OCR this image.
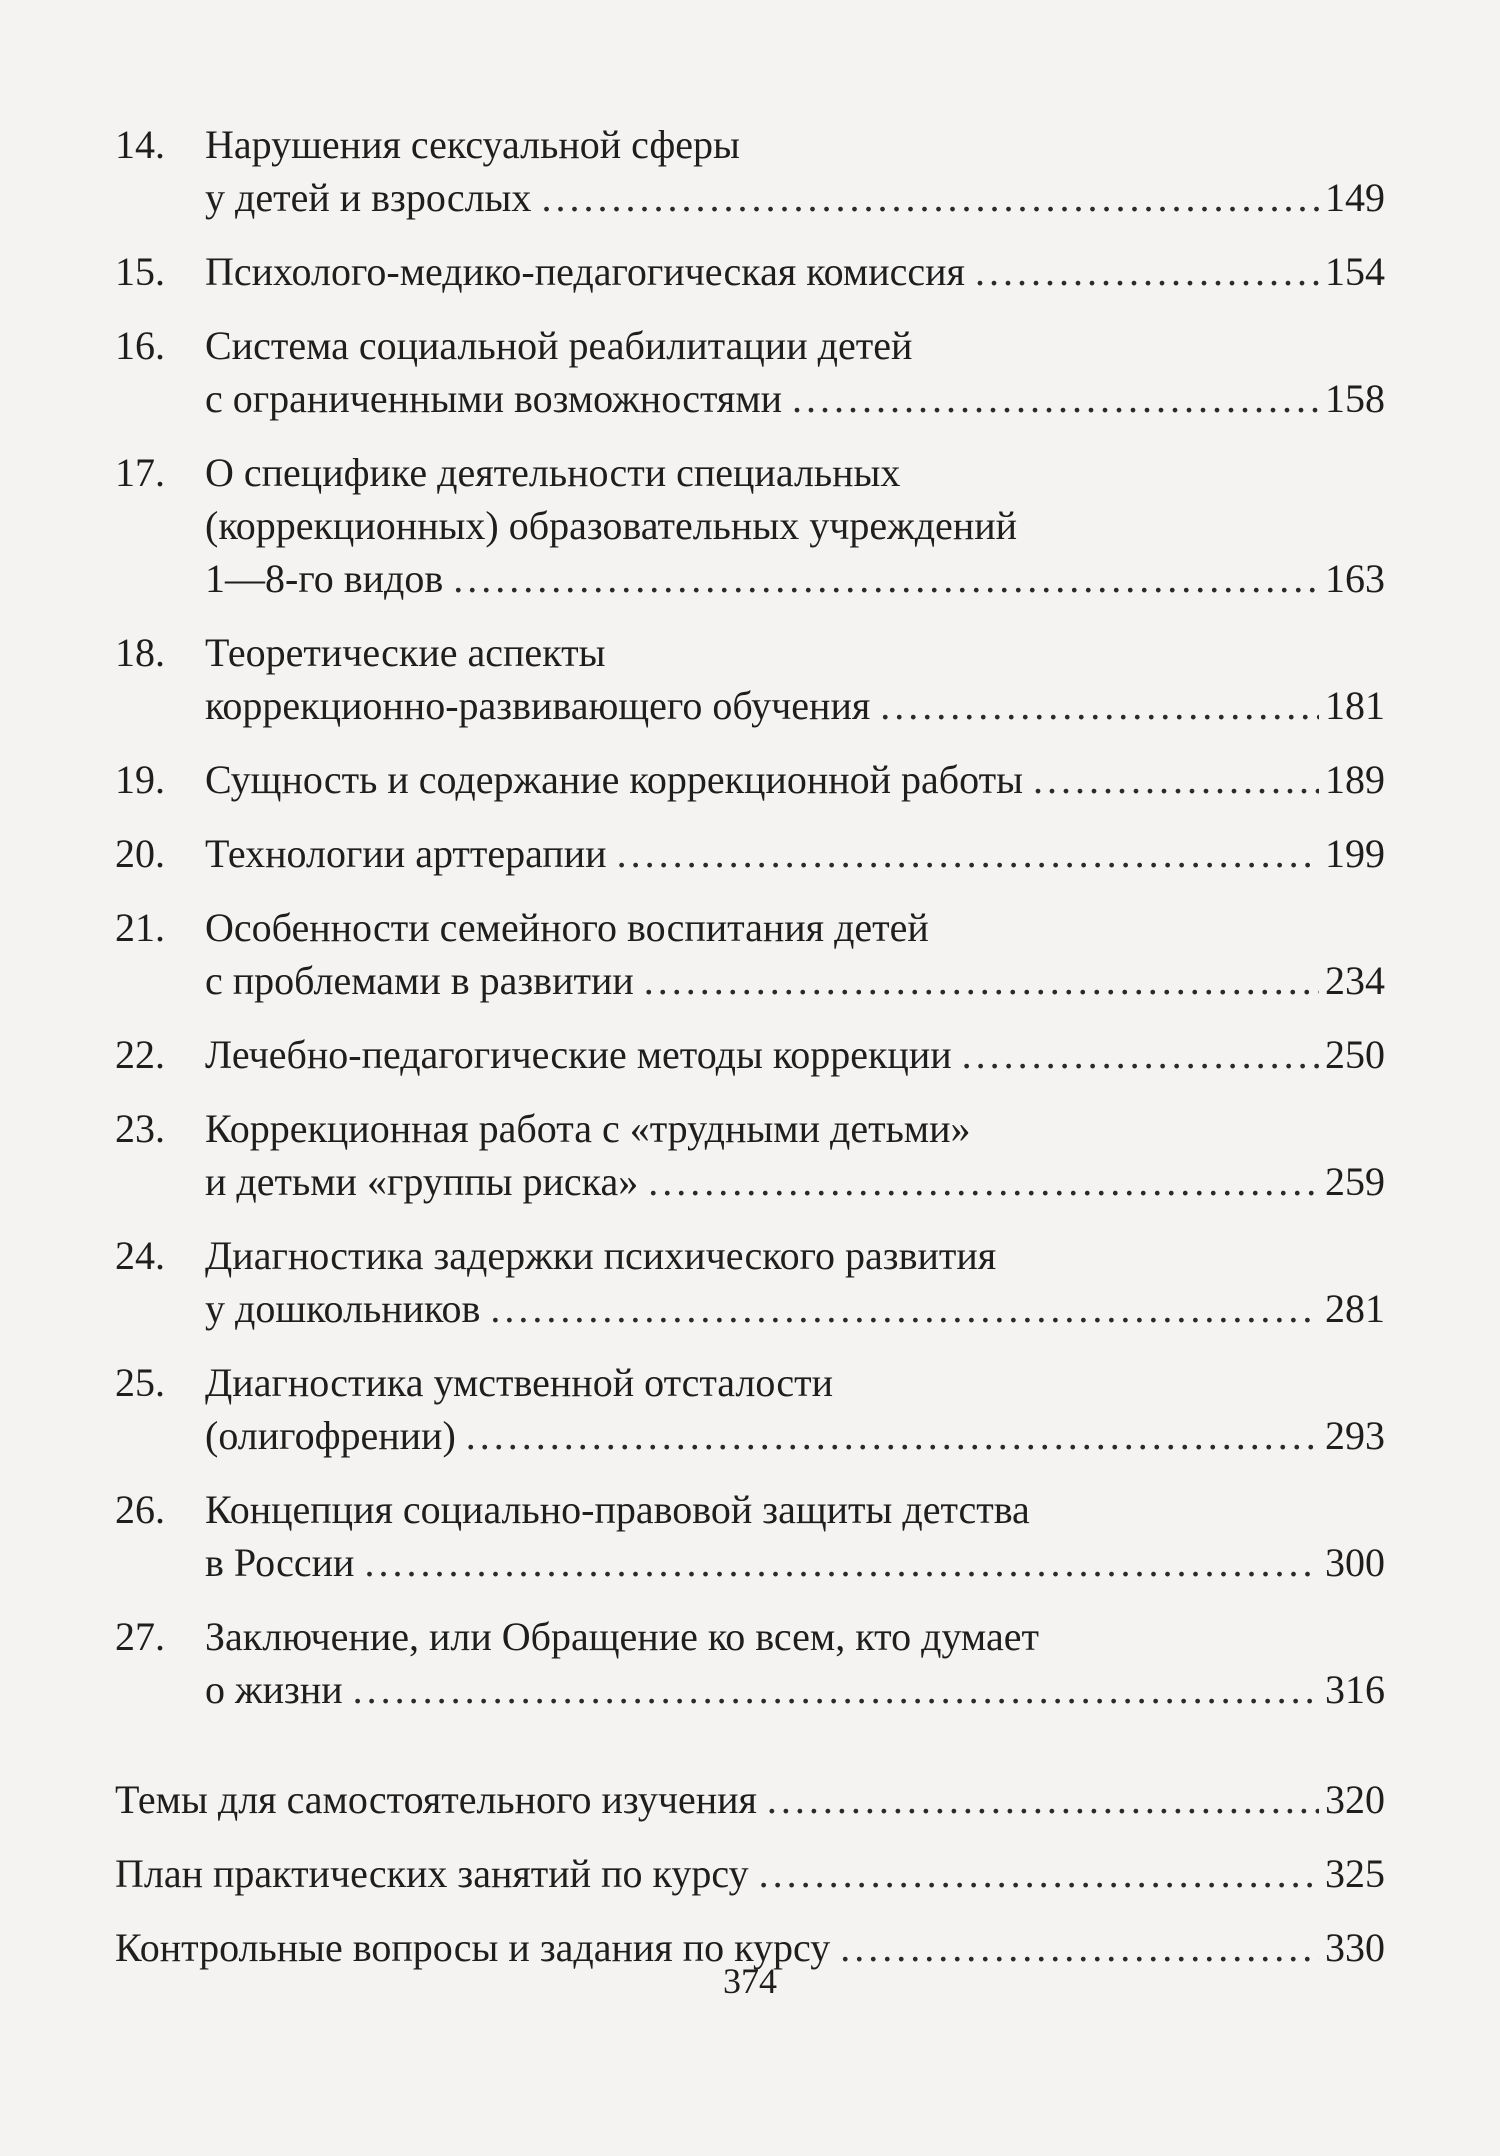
14.	Нарушения сексуальной сферы
у детей и взрослых .....	149
15.	Психолого-медико-педагогическая комиссия .....	154
16.	Система социальной реабилитации детей
с ограниченными возможностями .....	158
17.	О специфике деятельности специальных
(коррекционных) образовательных учреждений
1—8-го видов .....	163
18.	Теоретические аспекты
коррекционно-развивающего обучения .....	181
19.	Сущность и содержание коррекционной работы .....	189
20.	Технологии арттерапии .....	199
21.	Особенности семейного воспитания детей
с проблемами в развитии .....	234
22.	Лечебно-педагогические методы коррекции .....	250
23.	Коррекционная работа с «трудными детьми»
и детьми «группы риска» .....	259
24.	Диагностика задержки психического развития
у дошкольников .....	281
25.	Диагностика умственной отсталости
(олигофрении) .....	293
26.	Концепция социально-правовой защиты детства
в России .....	300
27.	Заключение, или Обращение ко всем, кто думает
о жизни .....	316
Темы для самостоятельного изучения .....	320
План практических занятий по курсу .....	325
Контрольные вопросы и задания по курсу .....	330
374
